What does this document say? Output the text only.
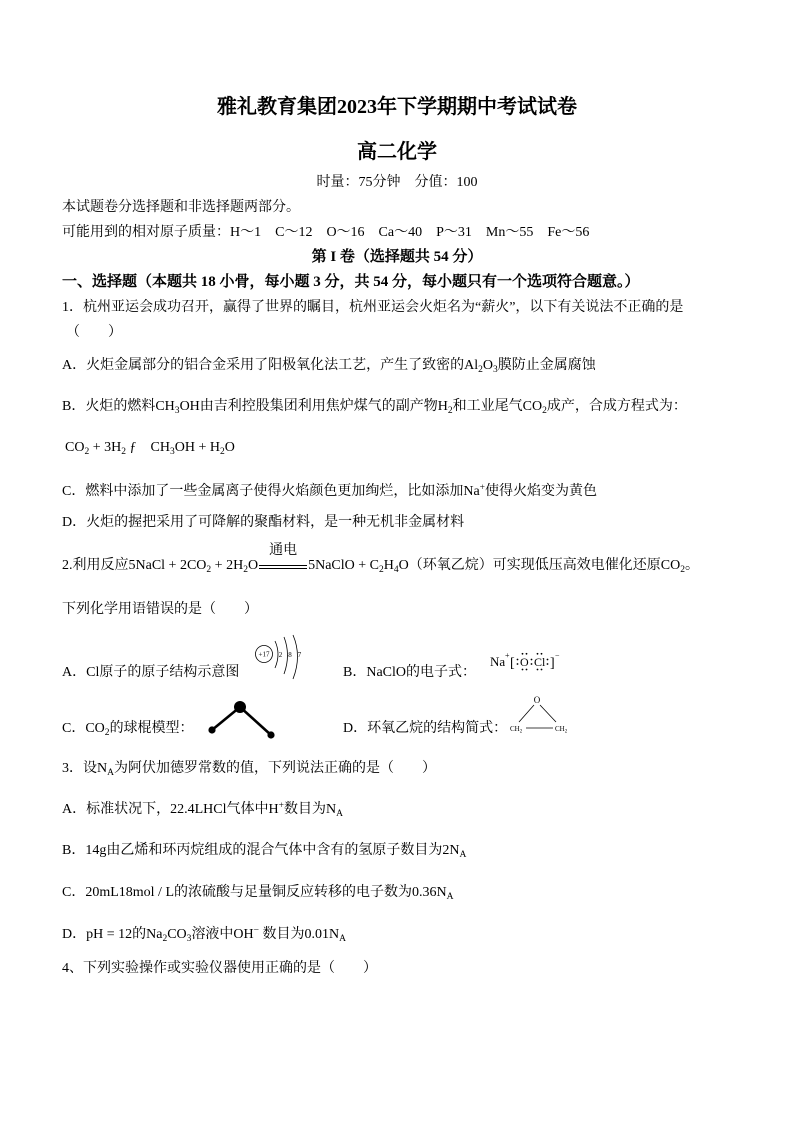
雅礼教育集团2023年下学期期中考试试卷
高二化学
时量：75分钟　分值：100
本试题卷分选择题和非选择题两部分。
可能用到的相对原子质量：H～1　C～12　O～16　Ca～40　P～31　Mn～55　Fe～56
第 I 卷（选择题共 54 分）
一、选择题（本题共 18 小骨，每小题 3 分，共 54 分，每小题只有一个选项符合题意。）
1．杭州亚运会成功召开，赢得了世界的瞩目，杭州亚运会火炬名为“薪火”，以下有关说法不正确的是
（　　）
A．火炬金属部分的铝合金采用了阳极氧化法工艺，产生了致密的$Al_2O_3$膜防止金属腐蚀
B．火炬的燃料$CH_3OH$由吉利控股集团利用焦炉煤气的副产物$H_2$和工业尾气$CO_2$成产，合成方程式为：
$CO_2 + 3H_2$ ƒ　$CH_3OH + H_2O$
C．燃料中添加了一些金属离子使得火焰颜色更加绚烂，比如添加Na+使得火焰变为黄色
D．火炬的握把采用了可降解的聚酯材料，是一种无机非金属材料
2.利用反应5NaCl + $2CO_2 + 2H_2O$
通电
5NaClO + $C_2H_4O$（环氧乙烷）可实现低压高效电催化还原$CO_2$。
下列化学用语错误的是（　　）
A．Cl原子的原子结构示意图
+17 2 8 7
B．NaClO的电子式：
Na +
[ O Cl ]
−
C．$CO_2$的球棍模型：	D．环氧乙烷的结构简式：
O
$CH_2$	$CH_2$
3．设$N_A$为阿伏加德罗常数的值，下列说法正确的是（　　）
A．标准状况下，22.4LHCl气体中H+数目为$N_A$
B．14g由乙烯和环丙烷组成的混合气体中含有的氢原子数目为$2N_A$
C．20mL18mol / L的浓硫酸与足量铜反应转移的电子数为$0.36N_A$
D．pH = 12的$Na_2CO_3$溶液中OH− 数目为$0.01N_A$
4、下列实验操作或实验仪器使用正确的是（　　）
